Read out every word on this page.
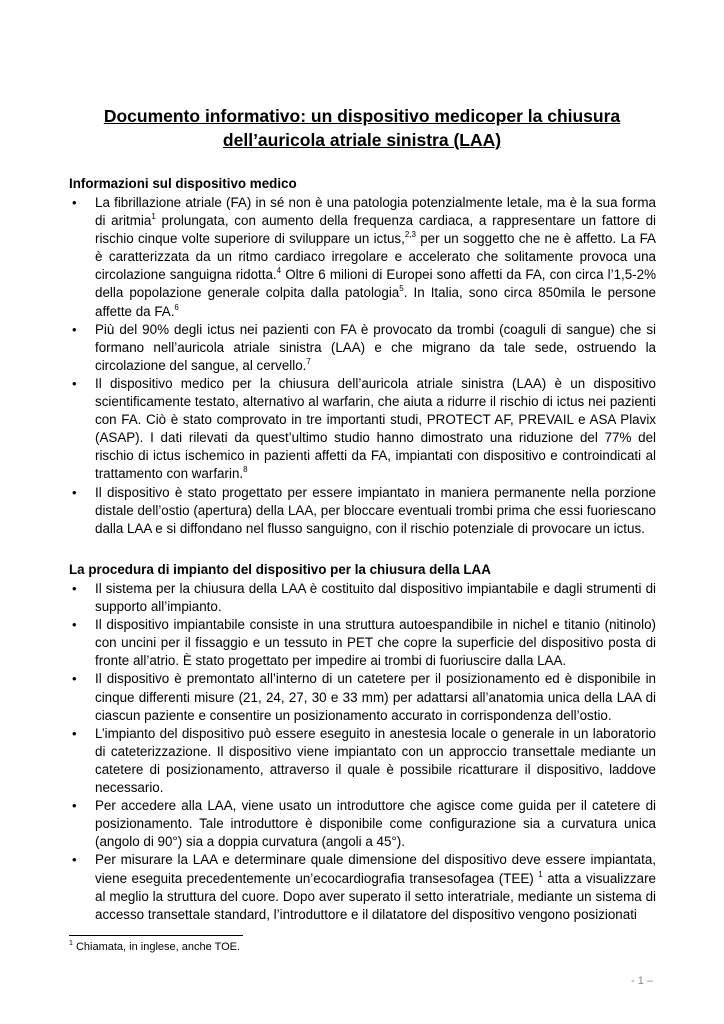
Documento informativo: un dispositivo medicoper la chiusura
dell’auricola atriale sinistra (LAA)
Informazioni sul dispositivo medico
• La fibrillazione atriale (FA) in sé non è una patologia potenzialmente letale, ma è la sua forma di aritmia$^1$ prolungata, con aumento della frequenza cardiaca, a rappresentare un fattore di rischio cinque volte superiore di sviluppare un ictus,$^{2,3}$ per un soggetto che ne è affetto. La FA è caratterizzata da un ritmo cardiaco irregolare e accelerato che solitamente provoca una circolazione sanguigna ridotta.$^4$ Oltre 6 milioni di Europei sono affetti da FA, con circa l’1,5-2% della popolazione generale colpita dalla patologia$^5$. In Italia, sono circa 850mila le persone affette da FA.$^6$
• Più del 90% degli ictus nei pazienti con FA è provocato da trombi (coaguli di sangue) che si formano nell’auricola atriale sinistra (LAA) e che migrano da tale sede, ostruendo la circolazione del sangue, al cervello.$^7$
• Il dispositivo medico per la chiusura dell’auricola atriale sinistra (LAA) è un dispositivo scientificamente testato, alternativo al warfarin, che aiuta a ridurre il rischio di ictus nei pazienti con FA. Ciò è stato comprovato in tre importanti studi, PROTECT AF, PREVAIL e ASA Plavix (ASAP). I dati rilevati da quest’ultimo studio hanno dimostrato una riduzione del 77% del rischio di ictus ischemico in pazienti affetti da FA, impiantati con dispositivo e controindicati al trattamento con warfarin.$^8$
• Il dispositivo è stato progettato per essere impiantato in maniera permanente nella porzione distale dell’ostio (apertura) della LAA, per bloccare eventuali trombi prima che essi fuoriescano dalla LAA e si diffondano nel flusso sanguigno, con il rischio potenziale di provocare un ictus.
La procedura di impianto del dispositivo per la chiusura della LAA
• Il sistema per la chiusura della LAA è costituito dal dispositivo impiantabile e dagli strumenti di supporto all’impianto.
• Il dispositivo impiantabile consiste in una struttura autoespandibile in nichel e titanio (nitinolo) con uncini per il fissaggio e un tessuto in PET che copre la superficie del dispositivo posta di fronte all’atrio. È stato progettato per impedire ai trombi di fuoriuscire dalla LAA.
• Il dispositivo è premontato all’interno di un catetere per il posizionamento ed è disponibile in cinque differenti misure (21, 24, 27, 30 e 33 mm) per adattarsi all’anatomia unica della LAA di ciascun paziente e consentire un posizionamento accurato in corrispondenza dell’ostio.
• L’impianto del dispositivo può essere eseguito in anestesia locale o generale in un laboratorio di cateterizzazione. Il dispositivo viene impiantato con un approccio transettale mediante un catetere di posizionamento, attraverso il quale è possibile ricatturare il dispositivo, laddove necessario.
• Per accedere alla LAA, viene usato un introduttore che agisce come guida per il catetere di posizionamento. Tale introduttore è disponibile come configurazione sia a curvatura unica (angolo di 90°) sia a doppia curvatura (angoli a 45°).
• Per misurare la LAA e determinare quale dimensione del dispositivo deve essere impiantata, viene eseguita precedentemente un’ecocardiografia transesofagea (TEE) $^1$ atta a visualizzare al meglio la struttura del cuore. Dopo aver superato il setto interatriale, mediante un sistema di accesso transettale standard, l’introduttore e il dilatatore del dispositivo vengono posizionati
$^1$ Chiamata, in inglese, anche TOE.
- 1 –
